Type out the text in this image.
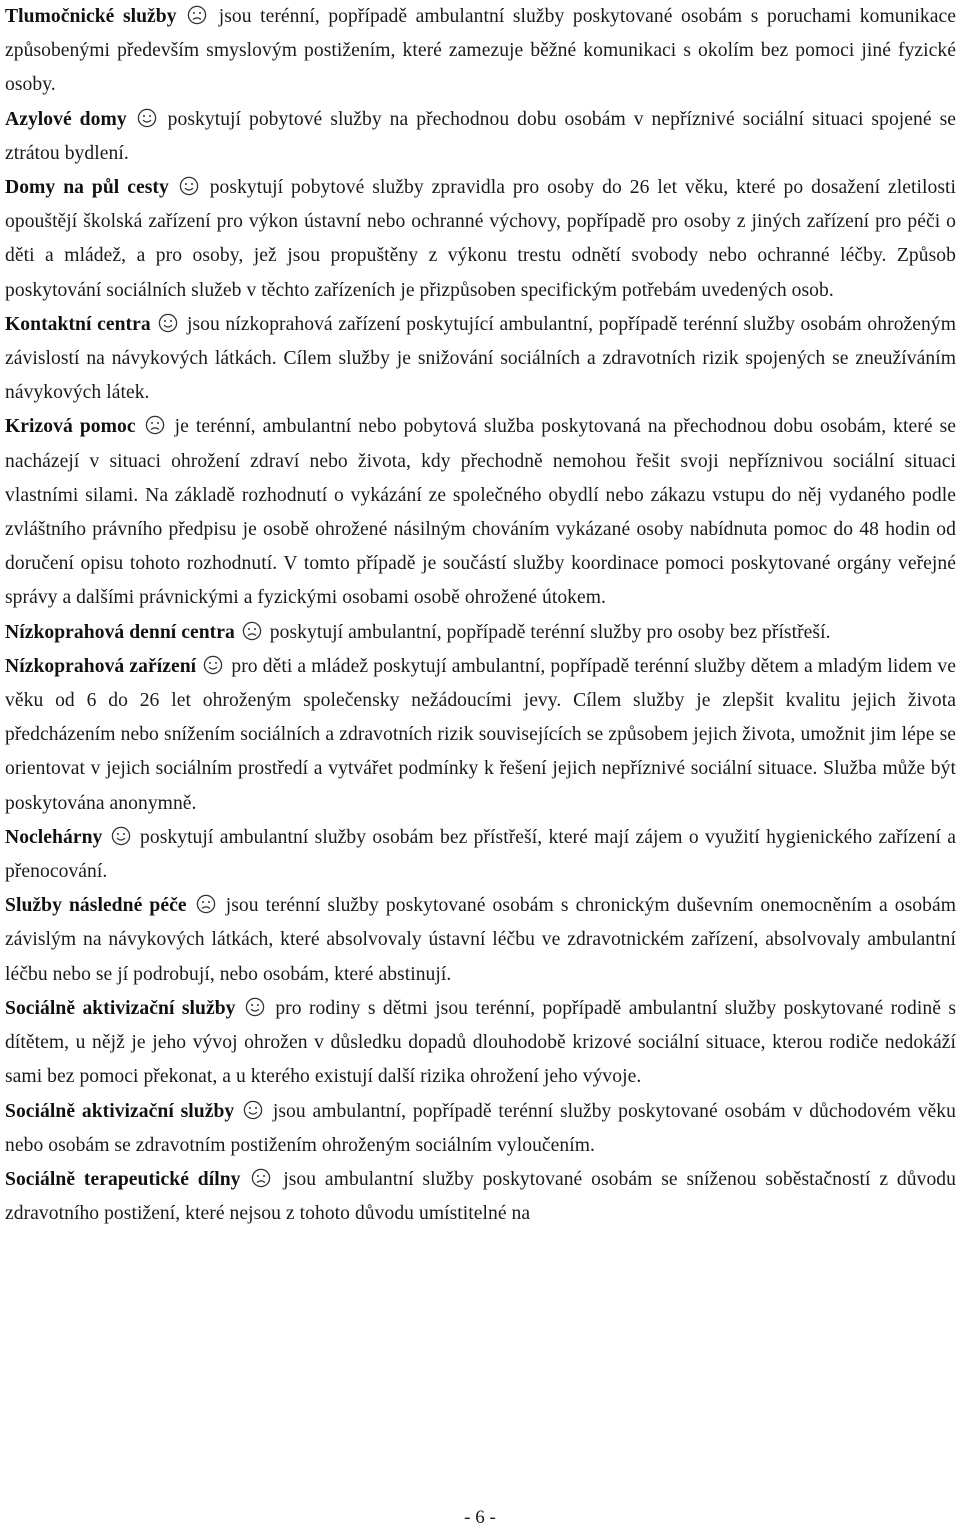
Tlumočnické služby jsou terénní, popřípadě ambulantní služby poskytované osobám s poruchami komunikace způsobenými především smyslovým postižením, které zamezuje běžné komunikaci s okolím bez pomoci jiné fyzické osoby.

Azylové domy poskytují pobytové služby na přechodnou dobu osobám v nepříznivé sociální situaci spojené se ztrátou bydlení.

Domy na půl cesty poskytují pobytové služby zpravidla pro osoby do 26 let věku, které po dosažení zletilosti opouštějí školská zařízení pro výkon ústavní nebo ochranné výchovy, popřípadě pro osoby z jiných zařízení pro péči o děti a mládež, a pro osoby, jež jsou propuštěny z výkonu trestu odnětí svobody nebo ochranné léčby. Způsob poskytování sociálních služeb v těchto zařízeních je přizpůsoben specifickým potřebám uvedených osob.

Kontaktní centra jsou nízkoprahová zařízení poskytující ambulantní, popřípadě terénní služby osobám ohroženým závislostí na návykových látkách. Cílem služby je snižování sociálních a zdravotních rizik spojených se zneužíváním návykových látek.

Krizová pomoc je terénní, ambulantní nebo pobytová služba poskytovaná na přechodnou dobu osobám, které se nacházejí v situaci ohrožení zdraví nebo života, kdy přechodně nemohou řešit svoji nepříznivou sociální situaci vlastními silami. Na základě rozhodnutí o vykázání ze společného obydlí nebo zákazu vstupu do něj vydaného podle zvláštního právního předpisu je osobě ohrožené násilným chováním vykázané osoby nabídnuta pomoc do 48 hodin od doručení opisu tohoto rozhodnutí. V tomto případě je součástí služby koordinace pomoci poskytované orgány veřejné správy a dalšími právnickými a fyzickými osobami osobě ohrožené útokem.

Nízkoprahová denní centra poskytují ambulantní, popřípadě terénní služby pro osoby bez přístřeší.

Nízkoprahová zařízení pro děti a mládež poskytují ambulantní, popřípadě terénní služby dětem a mladým lidem ve věku od 6 do 26 let ohroženým společensky nežádoucími jevy. Cílem služby je zlepšit kvalitu jejich života předcházením nebo snížením sociálních a zdravotních rizik souvisejících se způsobem jejich života, umožnit jim lépe se orientovat v jejich sociálním prostředí a vytvářet podmínky k řešení jejich nepříznivé sociální situace. Služba může být poskytována anonymně.

Noclehárny poskytují ambulantní služby osobám bez přístřeší, které mají zájem o využití hygienického zařízení a přenocování.

Služby následné péče jsou terénní služby poskytované osobám s chronickým duševním onemocněním a osobám závislým na návykových látkách, které absolvovaly ústavní léčbu ve zdravotnickém zařízení, absolvovaly ambulantní léčbu nebo se jí podrobují, nebo osobám, které abstinují.

Sociálně aktivizační služby pro rodiny s dětmi jsou terénní, popřípadě ambulantní služby poskytované rodině s dítětem, u nějž je jeho vývoj ohrožen v důsledku dopadů dlouhodobě krizové sociální situace, kterou rodiče nedokáží sami bez pomoci překonat, a u kterého existují další rizika ohrožení jeho vývoje.

Sociálně aktivizační služby jsou ambulantní, popřípadě terénní služby poskytované osobám v důchodovém věku nebo osobám se zdravotním postižením ohroženým sociálním vyloučením.

Sociálně terapeutické dílny jsou ambulantní služby poskytované osobám se sníženou soběstačností z důvodu zdravotního postižení, které nejsou z tohoto důvodu umístitelné na

- 6 -
